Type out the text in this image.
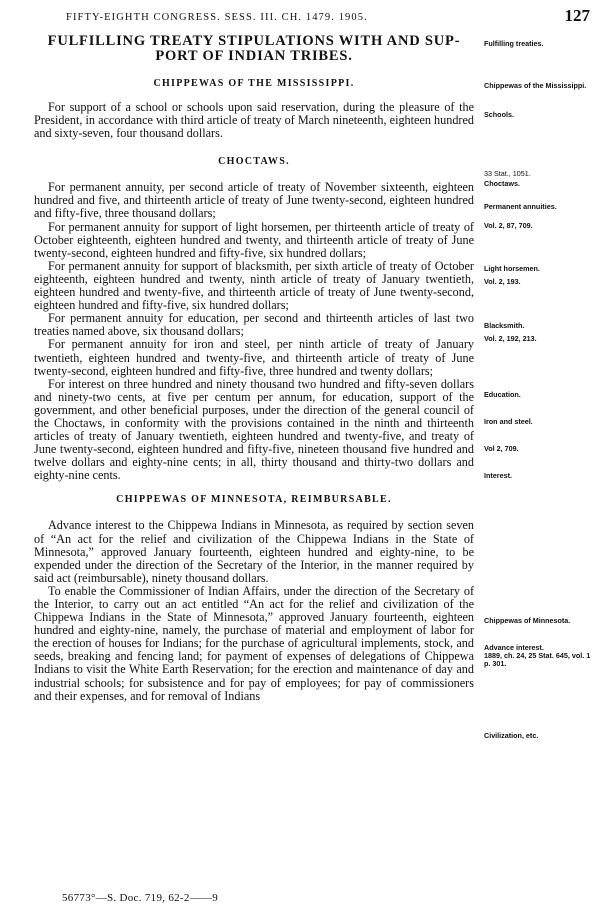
FIFTY-EIGHTH CONGRESS. SESS. III. CH. 1479. 1905.	127
FULFILLING TREATY STIPULATIONS WITH AND SUP-
PORT OF INDIAN TRIBES.
CHIPPEWAS OF THE MISSISSIPPI.

For support of a school or schools upon said reservation, during the pleasure of the President, in accordance with third article of treaty of March nineteenth, eighteen hundred and sixty-seven, four thousand dollars.

CHOCTAWS.

For permanent annuity, per second article of treaty of November sixteenth, eighteen hundred and five, and thirteenth article of treaty of June twenty-second, eighteen hundred and fifty-five, three thousand dollars;

For permanent annuity for support of light horsemen, per thirteenth article of treaty of October eighteenth, eighteen hundred and twenty, and thirteenth article of treaty of June twenty-second, eighteen hundred and fifty-five, six hundred dollars;

For permanent annuity for support of blacksmith, per sixth article of treaty of October eighteenth, eighteen hundred and twenty, ninth article of treaty of January twentieth, eighteen hundred and twenty-five, and thirteenth article of treaty of June twenty-second, eighteen hundred and fifty-five, six hundred dollars;

For permanent annuity for education, per second and thirteenth articles of last two treaties named above, six thousand dollars;

For permanent annuity for iron and steel, per ninth article of treaty of January twentieth, eighteen hundred and twenty-five, and thirteenth article of treaty of June twenty-second, eighteen hundred and fifty-five, three hundred and twenty dollars;

For interest on three hundred and ninety thousand two hundred and fifty-seven dollars and ninety-two cents, at five per centum per annum, for education, support of the government, and other beneficial purposes, under the direction of the general council of the Choctaws, in conformity with the provisions contained in the ninth and thirteenth articles of treaty of January twentieth, eighteen hundred and twenty-five, and treaty of June twenty-second, eighteen hundred and fifty-five, nineteen thousand five hundred and twelve dollars and eighty-nine cents; in all, thirty thousand and thirty-two dollars and eighty-nine cents.

CHIPPEWAS OF MINNESOTA, REIMBURSABLE.

Advance interest to the Chippewa Indians in Minnesota, as required by section seven of “An act for the relief and civilization of the Chippewa Indians in the State of Minnesota,” approved January fourteenth, eighteen hundred and eighty-nine, to be expended under the direction of the Secretary of the Interior, in the manner required by said act (reimbursable), ninety thousand dollars.

To enable the Commissioner of Indian Affairs, under the direction of the Secretary of the Interior, to carry out an act entitled “An act for the relief and civilization of the Chippewa Indians in the State of Minnesota,” approved January fourteenth, eighteen hundred and eighty-nine, namely, the purchase of material and employment of labor for the erection of houses for Indians; for the purchase of agricultural implements, stock, and seeds, breaking and fencing land; for payment of expenses of delegations of Chippewa Indians to visit the White Earth Reservation; for the erection and maintenance of day and industrial schools; for subsistence and for pay of employees; for pay of commissioners and their expenses, and for removal of Indians

Fulfilling treaties.
Chippewas of the Mississippi.
Schools.
33 Stat., 1051.
Choctaws.
Permanent annuities.
Vol. 2, 87, 709.
Light horsemen.
Vol. 2, 193.
Blacksmith.
Vol. 2, 192, 213.
Education.
Iron and steel.
Vol 2, 709.
Interest.
Chippewas of Minnesota.
Advance interest.
1889, ch. 24, 25 Stat. 645, vol. 1 p. 301.
Civilization, etc.
56773°—S. Doc. 719, 62-2——9
